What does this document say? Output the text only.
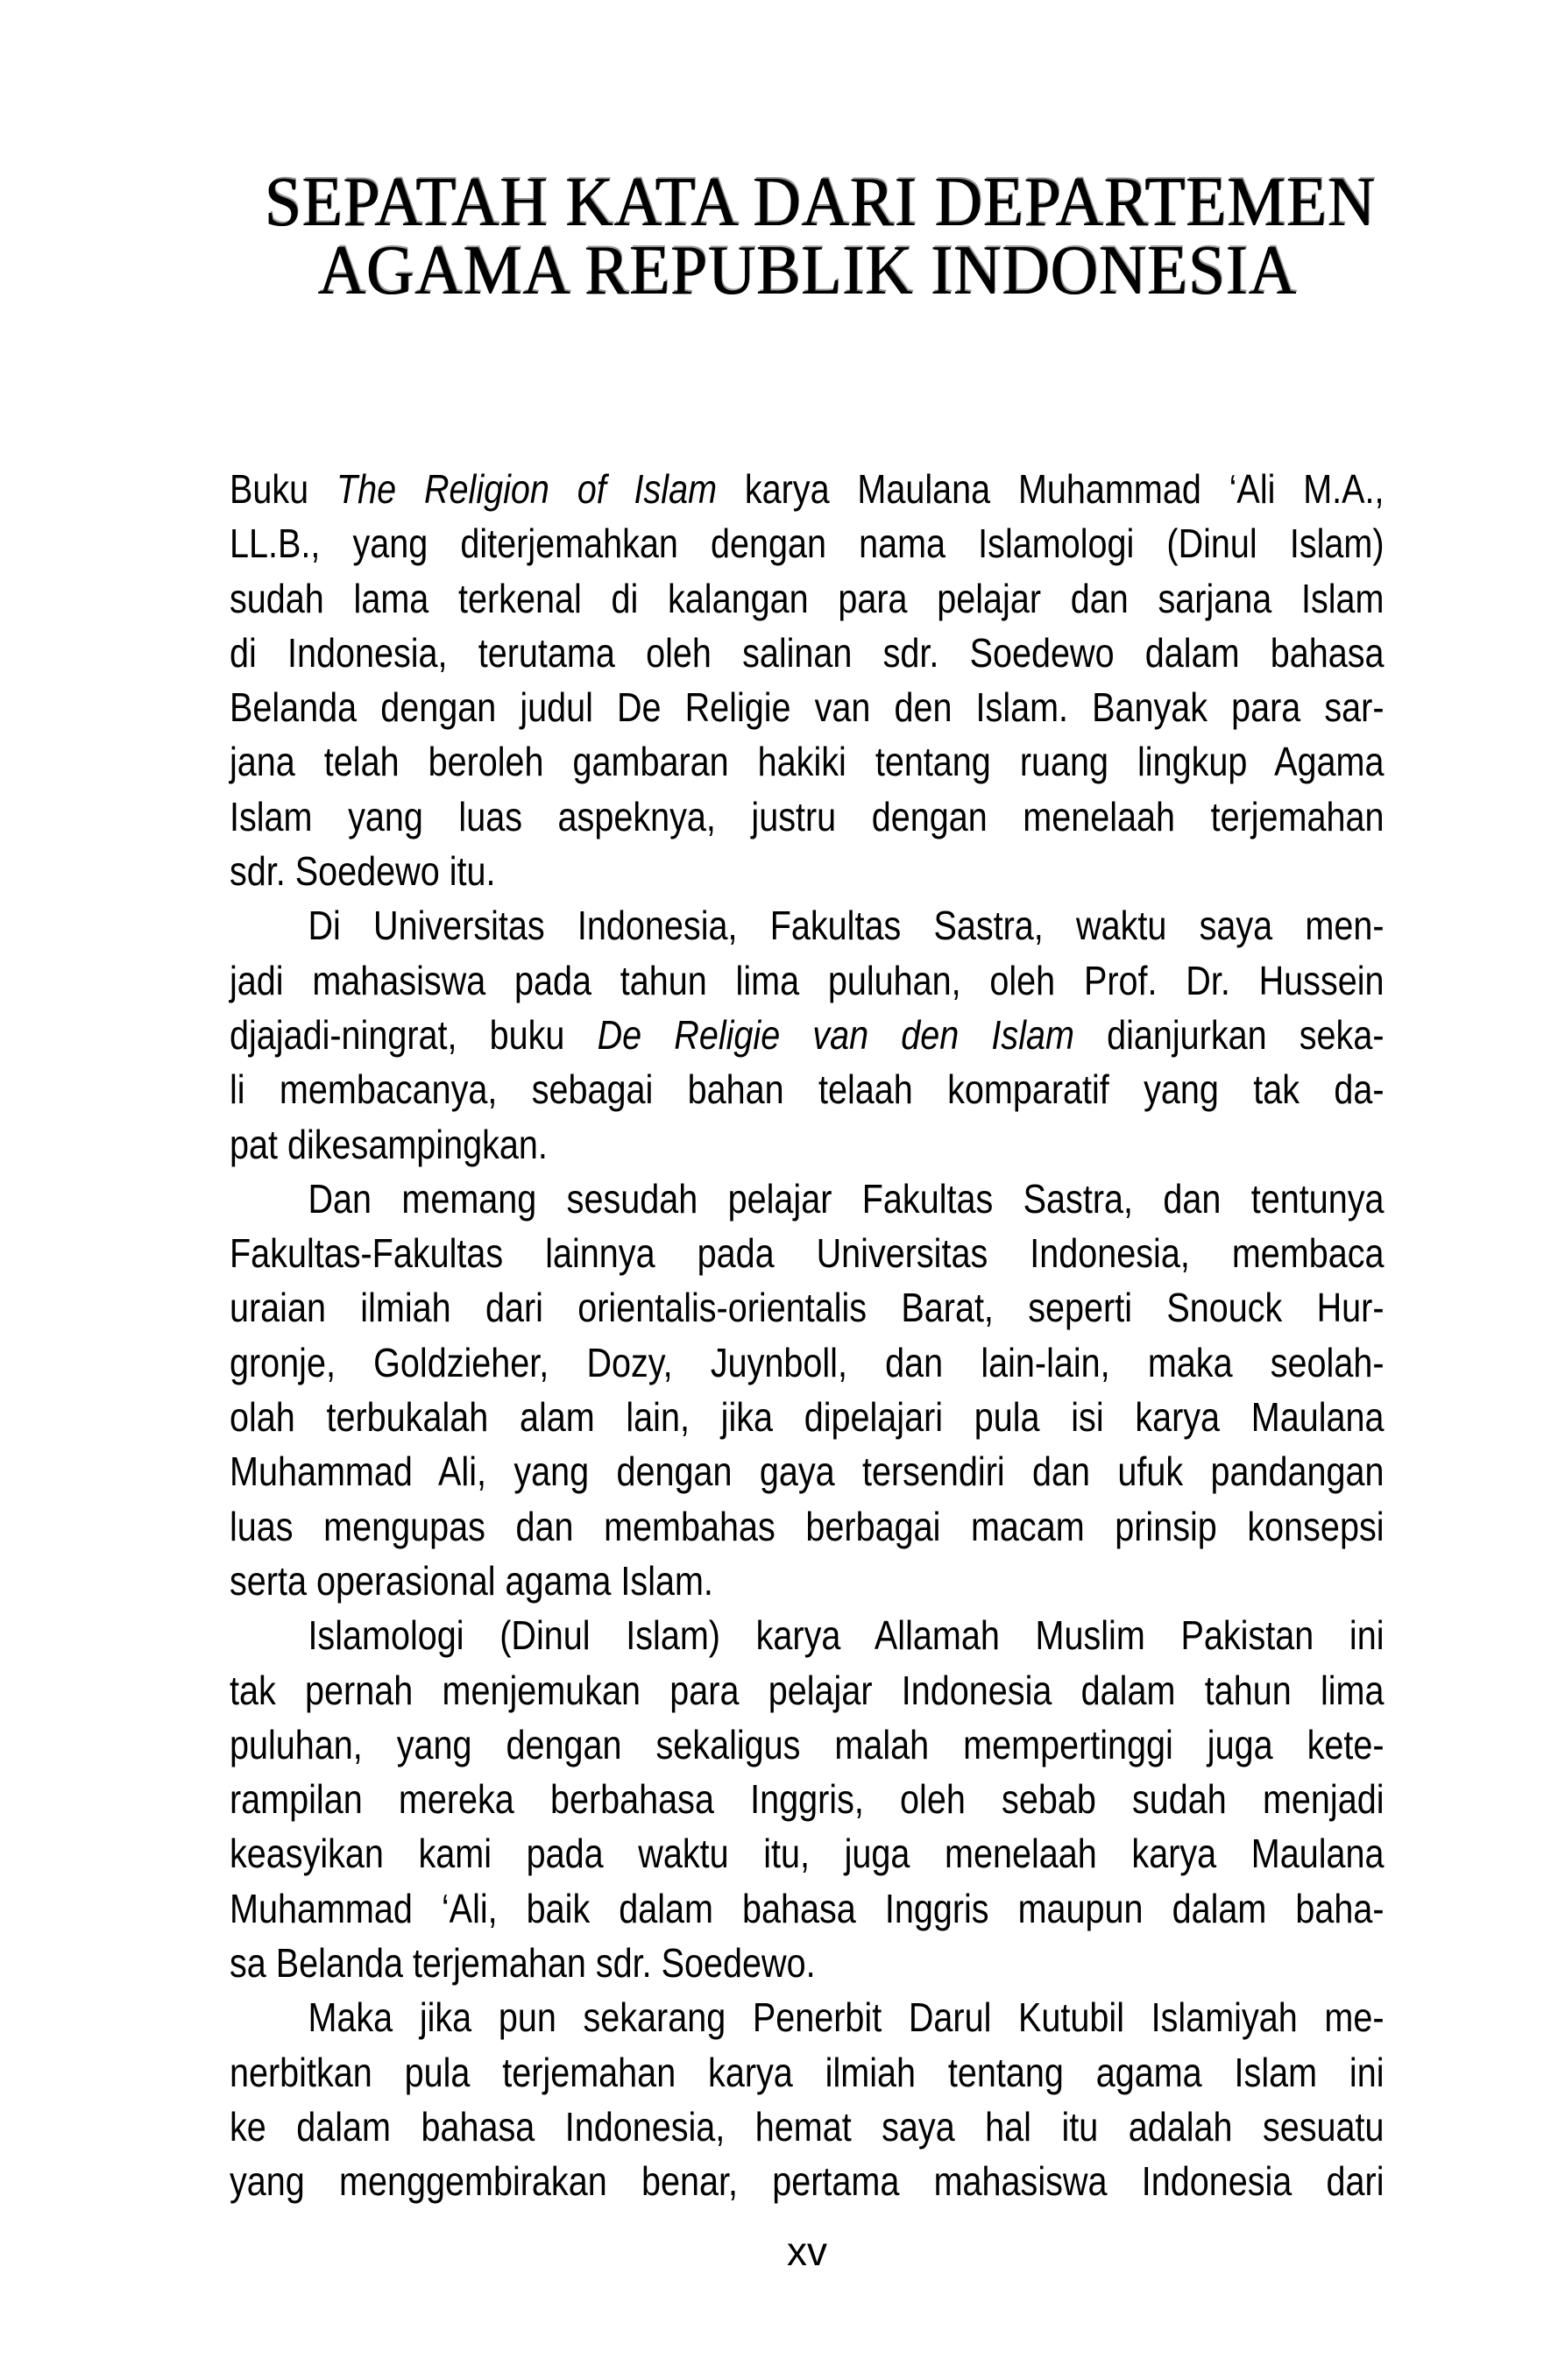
SEPATAH KATA DARI DEPARTEMEN
AGAMA REPUBLIK INDONESIA
Buku The Religion of Islam karya Maulana Muhammad ‘Ali M.A.,
LL.B., yang diterjemahkan dengan nama Islamologi (Dinul Islam)
sudah lama terkenal di kalangan para pelajar dan sarjana Islam
di Indonesia, terutama oleh salinan sdr. Soedewo dalam bahasa
Belanda dengan judul De Religie van den Islam. Banyak para sar-
jana telah beroleh gambaran hakiki tentang ruang lingkup Agama
Islam yang luas aspeknya, justru dengan menelaah terjemahan
sdr. Soedewo itu.
Di Universitas Indonesia, Fakultas Sastra, waktu saya men-
jadi mahasiswa pada tahun lima puluhan, oleh Prof. Dr. Hussein
djajadi-ningrat, buku De Religie van den Islam dianjurkan seka-
li membacanya, sebagai bahan telaah komparatif yang tak da-
pat dikesampingkan.
Dan memang sesudah pelajar Fakultas Sastra, dan tentunya
Fakultas-Fakultas lainnya pada Universitas Indonesia, membaca
uraian ilmiah dari orientalis-orientalis Barat, seperti Snouck Hur-
gronje, Goldzieher, Dozy, Juynboll, dan lain-lain, maka seolah-
olah terbukalah alam lain, jika dipelajari pula isi karya Maulana
Muhammad Ali, yang dengan gaya tersendiri dan ufuk pandangan
luas mengupas dan membahas berbagai macam prinsip konsepsi
serta operasional agama Islam.
Islamologi (Dinul Islam) karya Allamah Muslim Pakistan ini
tak pernah menjemukan para pelajar Indonesia dalam tahun lima
puluhan, yang dengan sekaligus malah mempertinggi juga kete-
rampilan mereka berbahasa Inggris, oleh sebab sudah menjadi
keasyikan kami pada waktu itu, juga menelaah karya Maulana
Muhammad ‘Ali, baik dalam bahasa Inggris maupun dalam baha-
sa Belanda terjemahan sdr. Soedewo.
Maka jika pun sekarang Penerbit Darul Kutubil Islamiyah me-
nerbitkan pula terjemahan karya ilmiah tentang agama Islam ini
ke dalam bahasa Indonesia, hemat saya hal itu adalah sesuatu
yang menggembirakan benar, pertama mahasiswa Indonesia dari
xv
